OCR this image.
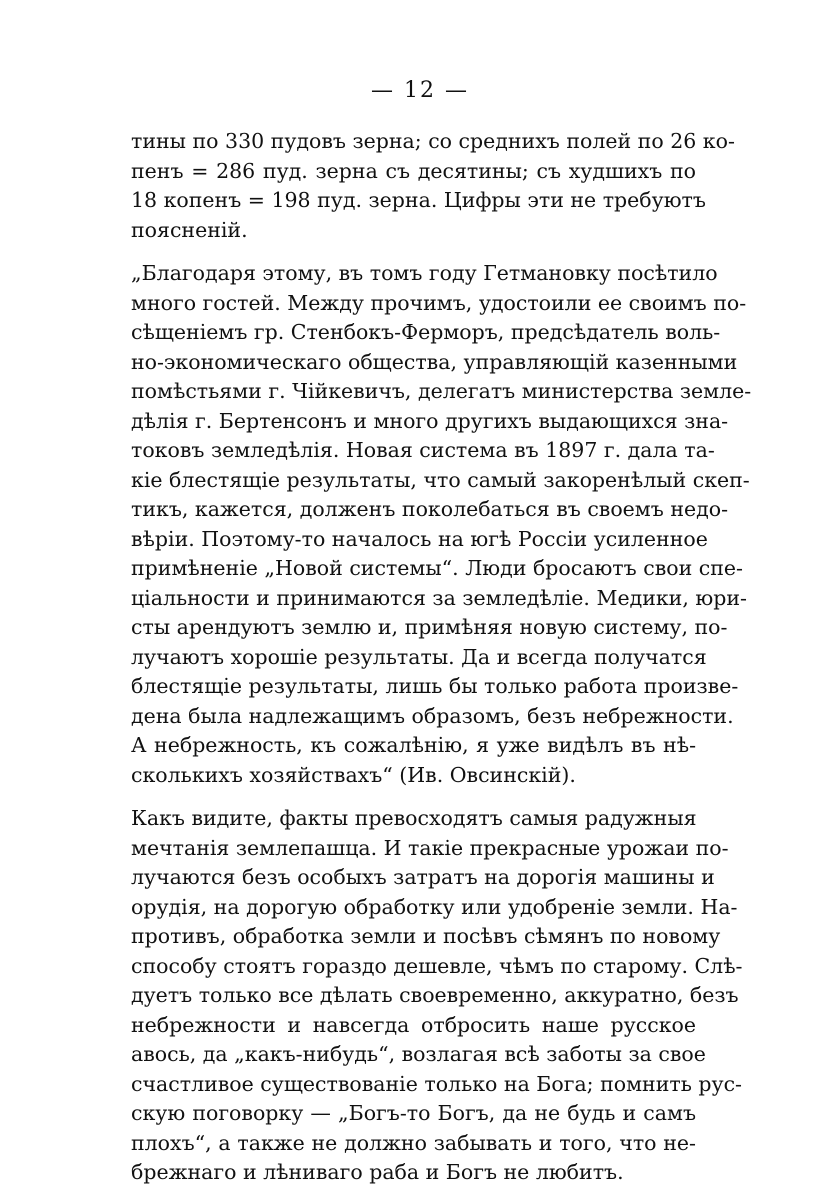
— 12 —
тины по 330 пудовъ зерна; со среднихъ полей по 26 ко-
пенъ = 286 пуд. зерна съ десятины; съ худшихъ по
18 копенъ = 198 пуд. зерна. Цифры эти не требуютъ
поясненій.
„Благодаря этому, въ томъ году Гетмановку посѣтило
много гостей. Между прочимъ, удостоили ее своимъ по-
сѣщеніемъ гр. Стенбокъ-Ферморъ, предсѣдатель воль-
но-экономическаго общества, управляющій казенными
помѣстьями г. Чійкевичъ, делегатъ министерства земле-
дѣлія г. Бертенсонъ и много другихъ выдающихся зна-
токовъ земледѣлія. Новая система въ 1897 г. дала та-
кіе блестящіе результаты, что самый закоренѣлый скеп-
тикъ, кажется, долженъ поколебаться въ своемъ недо-
вѣріи. Поэтому-то началось на югѣ Россіи усиленное
примѣненіе „Новой системы“. Люди бросаютъ свои спе-
ціальности и принимаются за земледѣліе. Медики, юри-
сты арендуютъ землю и, примѣняя новую систему, по-
лучаютъ хорошіе результаты. Да и всегда получатся
блестящіе результаты, лишь бы только работа произве-
дена была надлежащимъ образомъ, безъ небрежности.
А небрежность, къ сожалѣнію, я уже видѣлъ въ нѣ-
сколькихъ хозяйствахъ“ (Ив. Овсинскій).
Какъ видите, факты превосходятъ самыя радужныя
мечтанія землепашца. И такіе прекрасные урожаи по-
лучаются безъ особыхъ затратъ на дорогія машины и
орудія, на дорогую обработку или удобреніе земли. На-
противъ, обработка земли и посѣвъ сѣмянъ по новому
способу стоятъ гораздо дешевле, чѣмъ по старому. Слѣ-
дуетъ только все дѣлать своевременно, аккуратно, безъ
небрежности и навсегда отбросить наше русское
авось, да „какъ-нибудь“, возлагая всѣ заботы за свое
счастливое существованіе только на Бога; помнить рус-
скую поговорку — „Богъ-то Богъ, да не будь и самъ
плохъ“, а также не должно забывать и того, что не-
брежнаго и лѣниваго раба и Богъ не любитъ.
